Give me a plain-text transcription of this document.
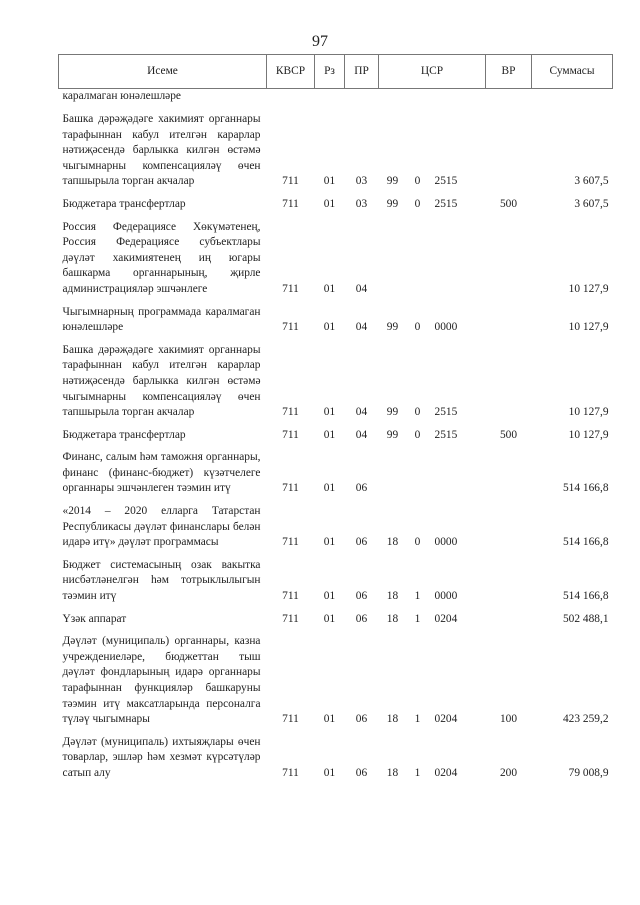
97
Исеме	КВСР	Рз	ПР	ЦСР			ВР	Суммасы
каралмаган юнәлешләре								

Башка дәрәҗәдәге хакимият органнары тарафыннан кабул ителгән карарлар нәтиҗәсендә барлыкка килгән өстәмә чыгымнарны компенсацияләү өчен тапшырыла торган акчалар	711	01	03	99	0	2515		3 607,5

Бюджетара трансфертлар	711	01	03	99	0	2515	500	3 607,5

Россия Федерациясе Хөкүмәтенең, Россия Федерациясе субъектлары дәүләт хакимиятенең иң югары башкарма органнарының, җирле администрацияләр эшчәнлеге	711	01	04					10 127,9

Чыгымнарның программада каралмаган юнәлешләре	711	01	04	99	0	0000		10 127,9

Башка дәрәҗәдәге хакимият органнары тарафыннан кабул ителгән карарлар нәтиҗәсендә барлыкка килгән өстәмә чыгымнарны компенсацияләү өчен тапшырыла торган акчалар	711	01	04	99	0	2515		10 127,9

Бюджетара трансфертлар	711	01	04	99	0	2515	500	10 127,9

Финанс, салым һәм таможня органнары, финанс (финанс-бюджет) күзәтчелеге органнары эшчәнлеген тәэмин итү	711	01	06					514 166,8

«2014 – 2020 елларга Татарстан Республикасы дәүләт финанслары белән идарә итү» дәүләт программасы	711	01	06	18	0	0000		514 166,8

Бюджет системасының озак вакытка нисбәтләнелгән һәм тотрыклылыгын тәэмин итү	711	01	06	18	1	0000		514 166,8

Үзәк аппарат	711	01	06	18	1	0204		502 488,1

Дәүләт (муниципаль) органнары, казна учреждениеләре, бюджеттан тыш дәүләт фондларының идарә органнары тарафыннан функцияләр башкаруны тәэмин итү максатларында персоналга түләү чыгымнары	711	01	06	18	1	0204	100	423 259,2

Дәүләт (муниципаль) ихтыяҗлары өчен товарлар, эшләр һәм хезмәт күрсәтүләр сатып алу	711	01	06	18	1	0204	200	79 008,9
